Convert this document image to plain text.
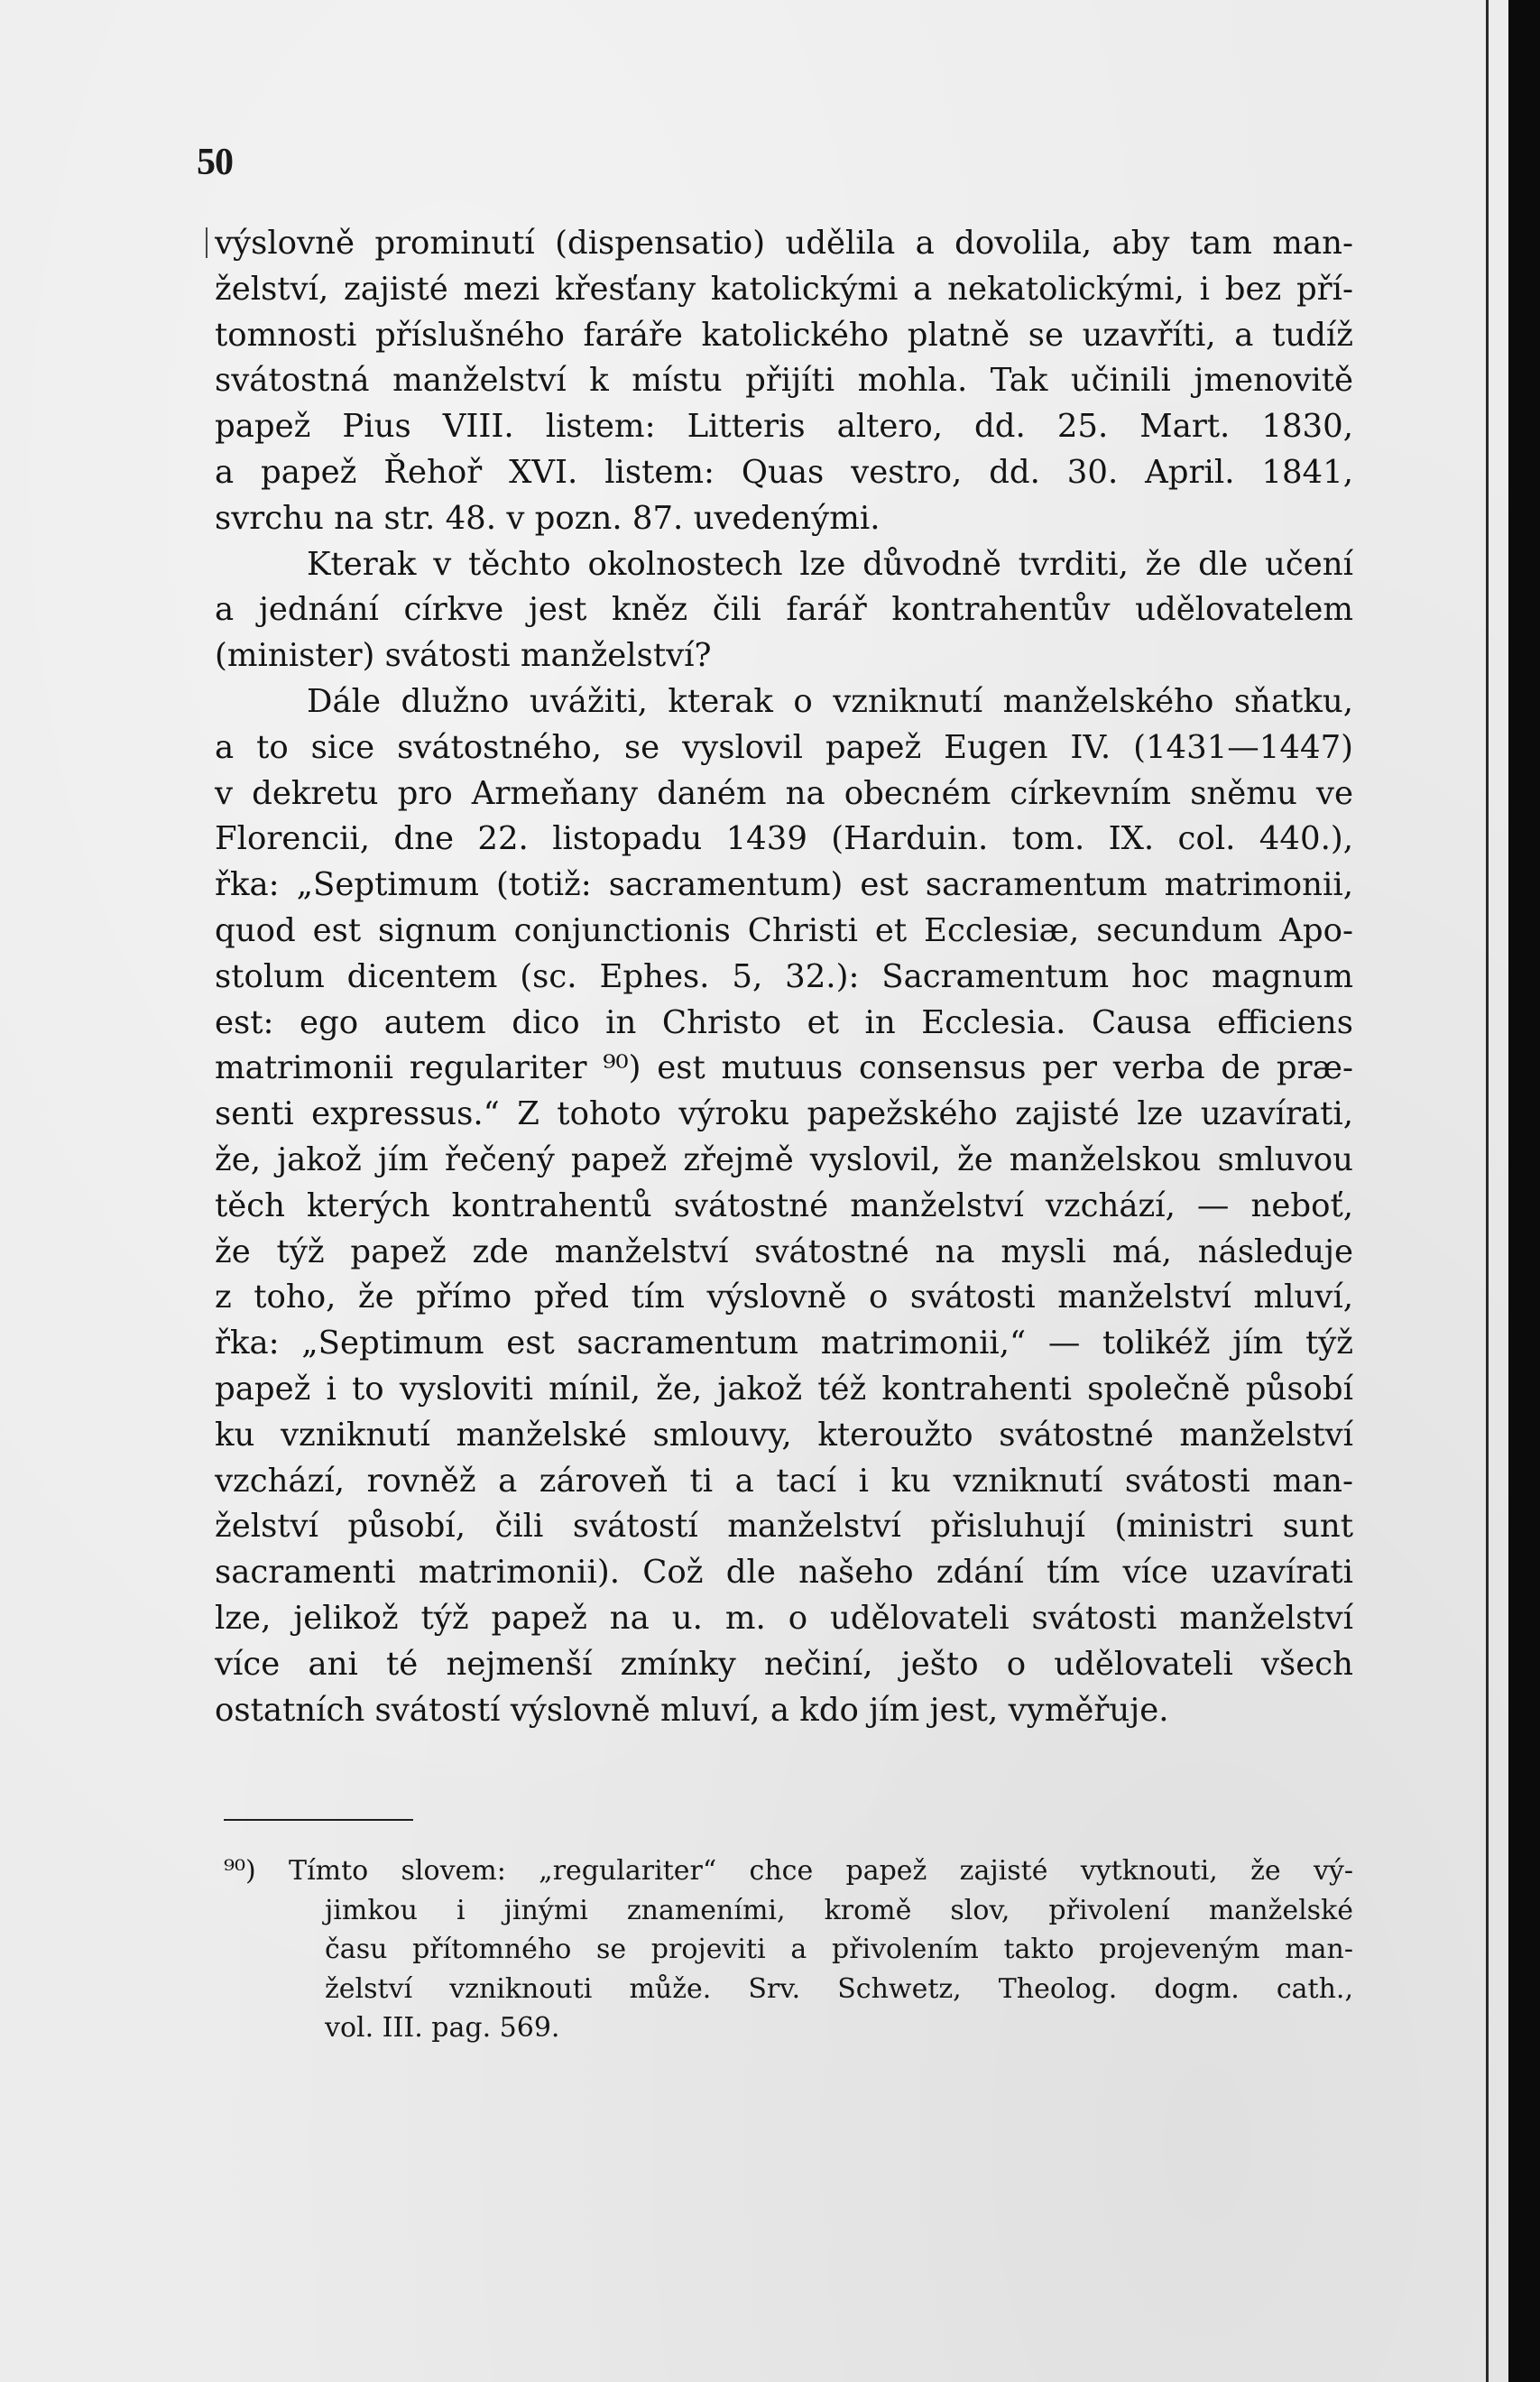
50
výslovně prominutí (dispensatio) udělila a dovolila, aby tam man-
želství, zajisté mezi křesťany katolickými a nekatolickými, i bez pří-
tomnosti příslušného faráře katolického platně se uzavříti, a tudíž
svátostná manželství k místu přijíti mohla. Tak učinili jmenovitě
papež Pius VIII. listem: Litteris altero, dd. 25. Mart. 1830,
a papež Řehoř XVI. listem: Quas vestro, dd. 30. April. 1841,
svrchu na str. 48. v pozn. 87. uvedenými.
Kterak v těchto okolnostech lze důvodně tvrditi, že dle učení
a jednání církve jest kněz čili farář kontrahentův udělovatelem
(minister) svátosti manželství?
Dále dlužno uvážiti, kterak o vzniknutí manželského sňatku,
a to sice svátostného, se vyslovil papež Eugen IV. (1431—1447)
v dekretu pro Armeňany daném na obecném církevním sněmu ve
Florencii, dne 22. listopadu 1439 (Harduin. tom. IX. col. 440.),
řka: „Septimum (totiž: sacramentum) est sacramentum matrimonii,
quod est signum conjunctionis Christi et Ecclesiæ, secundum Apo-
stolum dicentem (sc. Ephes. 5, 32.): Sacramentum hoc magnum
est: ego autem dico in Christo et in Ecclesia. Causa efficiens
matrimonii regulariter ⁹⁰) est mutuus consensus per verba de præ-
senti expressus.“ Z tohoto výroku papežského zajisté lze uzavírati,
že, jakož jím řečený papež zřejmě vyslovil, že manželskou smluvou
těch kterých kontrahentů svátostné manželství vzchází, — neboť,
že týž papež zde manželství svátostné na mysli má, následuje
z toho, že přímo před tím výslovně o svátosti manželství mluví,
řka: „Septimum est sacramentum matrimonii,“ — tolikéž jím týž
papež i to vysloviti mínil, že, jakož též kontrahenti společně působí
ku vzniknutí manželské smlouvy, kteroužto svátostné manželství
vzchází, rovněž a zároveň ti a tací i ku vzniknutí svátosti man-
želství působí, čili svátostí manželství přisluhují (ministri sunt
sacramenti matrimonii). Což dle našeho zdání tím více uzavírati
lze, jelikož týž papež na u. m. o udělovateli svátosti manželství
více ani té nejmenší zmínky nečiní, ješto o udělovateli všech
ostatních svátostí výslovně mluví, a kdo jím jest, vyměřuje.
⁹⁰) Tímto slovem: „regulariter“ chce papež zajisté vytknouti, že vý-
jimkou i jinými znameními, kromě slov, přivolení manželské
času přítomného se projeviti a přivolením takto projeveným man-
želství vzniknouti může. Srv. Schwetz, Theolog. dogm. cath.,
vol. III. pag. 569.
